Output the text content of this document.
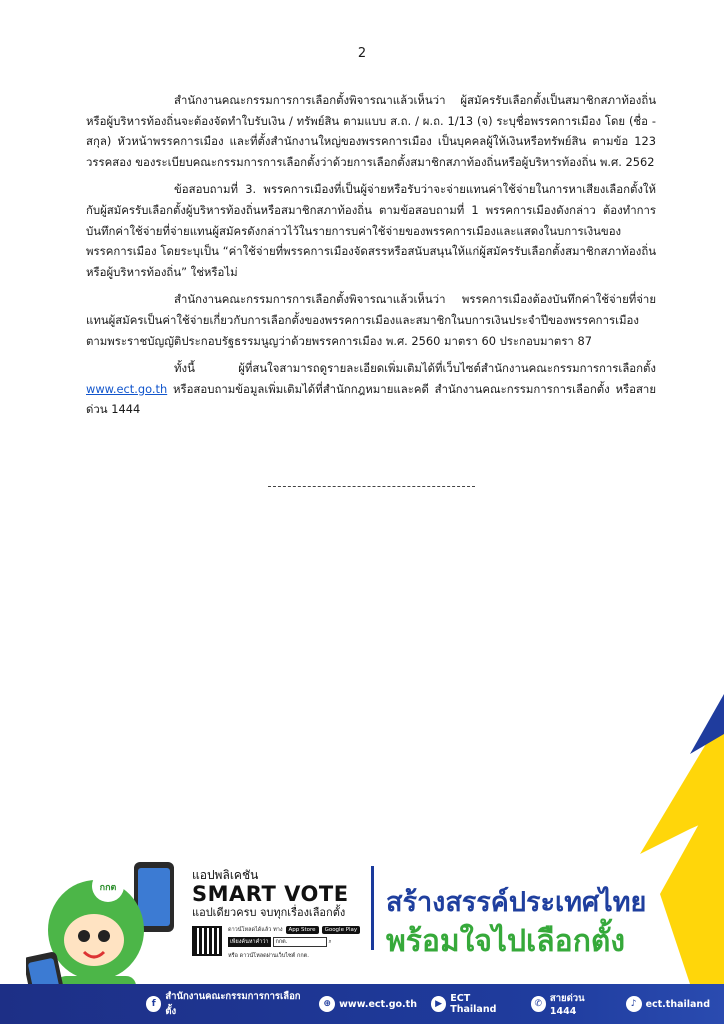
2

สำนักงานคณะกรรมการการเลือกตั้งพิจารณาแล้วเห็นว่า ผู้สมัครรับเลือกตั้งเป็นสมาชิกสภาท้องถิ่นหรือผู้บริหารท้องถิ่นจะต้องจัดทำใบรับเงิน / ทรัพย์สิน ตามแบบ ส.ถ. / ผ.ถ. 1/13 (จ) ระบุชื่อพรรคการเมือง โดย (ชื่อ - สกุล) หัวหน้าพรรคการเมือง และที่ตั้งสำนักงานใหญ่ของพรรคการเมือง เป็นบุคคลผู้ให้เงินหรือทรัพย์สิน ตามข้อ 123 วรรคสอง ของระเบียบคณะกรรมการการเลือกตั้งว่าด้วยการเลือกตั้งสมาชิกสภาท้องถิ่นหรือผู้บริหารท้องถิ่น พ.ศ. 2562

ข้อสอบถามที่ 3. พรรคการเมืองที่เป็นผู้จ่ายหรือรับว่าจะจ่ายแทนค่าใช้จ่ายในการหาเสียงเลือกตั้งให้กับผู้สมัครรับเลือกตั้งผู้บริหารท้องถิ่นหรือสมาชิกสภาท้องถิ่น ตามข้อสอบถามที่ 1 พรรคการเมืองดังกล่าว ต้องทำการบันทึกค่าใช้จ่ายที่จ่ายแทนผู้สมัครดังกล่าวไว้ในรายการบค่าใช้จ่ายของพรรคการเมืองและแสดงในบการเงินของพรรคการเมือง โดยระบุเป็น “ค่าใช้จ่ายที่พรรคการเมืองจัดสรรหรือสนับสนุนให้แก่ผู้สมัครรับเลือกตั้งสมาชิกสภาท้องถิ่นหรือผู้บริหารท้องถิ่น” ใช่หรือไม่

สำนักงานคณะกรรมการการเลือกตั้งพิจารณาแล้วเห็นว่า พรรคการเมืองต้องบันทึกค่าใช้จ่ายที่จ่ายแทนผู้สมัครเป็นค่าใช้จ่ายเกี่ยวกับการเลือกตั้งของพรรคการเมืองและสมาชิกในบการเงินประจำปีของพรรคการเมือง ตามพระราชบัญญัติประกอบรัฐธรรมนูญว่าด้วยพรรคการเมือง พ.ศ. 2560 มาตรา 60 ประกอบมาตรา 87

ทั้งนี้ ผู้ที่สนใจสามารถดูรายละเอียดเพิ่มเติมได้ที่เว็บไซต์สำนักงานคณะกรรมการการเลือกตั้ง www.ect.go.th หรือสอบถามข้อมูลเพิ่มเติมได้ที่สำนักกฎหมายและคดี สำนักงานคณะกรรมการการเลือกตั้ง หรือสายด่วน 1444

กกต
แอปพลิเคชัน
SMART VOTE
แอปเดียวครบ จบทุกเรื่องเลือกตั้ง
ดาวน์โหลดได้แล้ว ทาง	App Store	Google Play
เพียงค้นหาคำว่า	กกต.	⌕
หรือ ดาวน์โหลดผ่านเว็บไซต์ กกต.
สร้างสรรค์ประเทศไทย
พร้อมใจไปเลือกตั้ง
f
สำนักงานคณะกรรมการการเลือกตั้ง
⊕ www.ect.go.th	▶ ECT Thailand	✆ สายด่วน 1444
♪ ect.thailand
